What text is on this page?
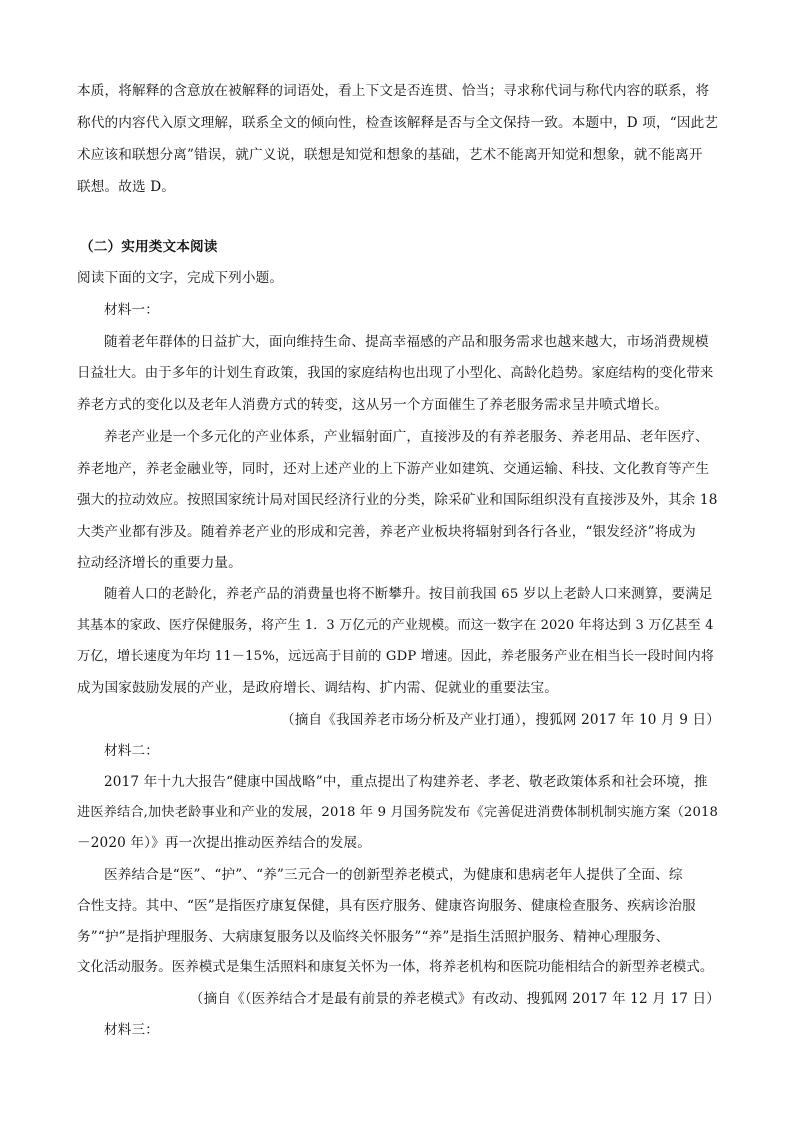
本质，将解释的含意放在被解释的词语处，看上下文是否连贯、恰当；寻求称代词与称代内容的联系，将
称代的内容代入原文理解，联系全文的倾向性，检查该解释是否与全文保持一致。本题中，D 项，“因此艺
术应该和联想分离”错误，就广义说，联想是知觉和想象的基础，艺术不能离开知觉和想象，就不能离开
联想。故选 D。
（二）实用类文本阅读
阅读下面的文字，完成下列小题。
材料一：
随着老年群体的日益扩大，面向维持生命、提高幸福感的产品和服务需求也越来越大，市场消费规模
日益壮大。由于多年的计划生育政策，我国的家庭结构也出现了小型化、高龄化趋势。家庭结构的变化带来
养老方式的变化以及老年人消费方式的转变，这从另一个方面催生了养老服务需求呈井喷式增长。
养老产业是一个多元化的产业体系，产业辐射面广，直接涉及的有养老服务、养老用品、老年医疗、
养老地产，养老金融业等，同时，还对上述产业的上下游产业如建筑、交通运输、科技、文化教育等产生
强大的拉动效应。按照国家统计局对国民经济行业的分类，除采矿业和国际组织没有直接涉及外，其余 18
大类产业都有涉及。随着养老产业的形成和完善，养老产业板块将辐射到各行各业，“银发经济”将成为
拉动经济增长的重要力量。
随着人口的老龄化，养老产品的消费量也将不断攀升。按目前我国 65 岁以上老龄人口来测算，要满足
其基本的家政、医疗保健服务，将产生 1．3 万亿元的产业规模。而这一数字在 2020 年将达到 3 万亿甚至 4
万亿，增长速度为年均 11－15%，远远高于目前的 GDP 增速。因此，养老服务产业在相当长一段时间内将
成为国家鼓励发展的产业，是政府增长、调结构、扩内需、促就业的重要法宝。
（摘自《我国养老市场分析及产业打通），搜狐网 2017 年 10 月 9 日）
材料二：
2017 年十九大报告“健康中国战略”中，重点提出了构建养老、孝老、敬老政策体系和社会环境，推
进医养结合,加快老龄事业和产业的发展，2018 年 9 月国务院发布《完善促进消费体制机制实施方案（2018
－2020 年）》再一次提出推动医养结合的发展。
医养结合是“医”、“护”、“养”三元合一的创新型养老模式，为健康和患病老年人提供了全面、综
合性支持。其中、“医”是指医疗康复保健，具有医疗服务、健康咨询服务、健康检查服务、疾病诊治服
务”“护”是指护理服务、大病康复服务以及临终关怀服务”“养”是指生活照护服务、精神心理服务、
文化活动服务。医养模式是集生活照料和康复关怀为一体，将养老机构和医院功能相结合的新型养老模式。
（摘自《（医养结合才是最有前景的养老模式》有改动、搜狐网 2017 年 12 月 17 日）
材料三：
